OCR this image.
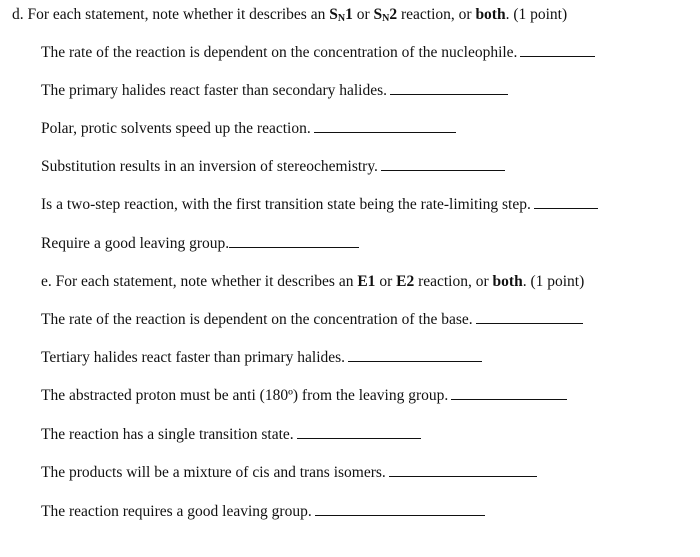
d. For each statement, note whether it describes an $S_N1$ or $S_N2$ reaction, or both. (1 point)
The rate of the reaction is dependent on the concentration of the nucleophile.
The primary halides react faster than secondary halides.
Polar, protic solvents speed up the reaction.
Substitution results in an inversion of stereochemistry.
Is a two-step reaction, with the first transition state being the rate-limiting step.
Require a good leaving group.
e. For each statement, note whether it describes an E1 or E2 reaction, or both. (1 point)
The rate of the reaction is dependent on the concentration of the base.
Tertiary halides react faster than primary halides.
The abstracted proton must be anti (180º) from the leaving group.
The reaction has a single transition state.
The products will be a mixture of cis and trans isomers.
The reaction requires a good leaving group.
